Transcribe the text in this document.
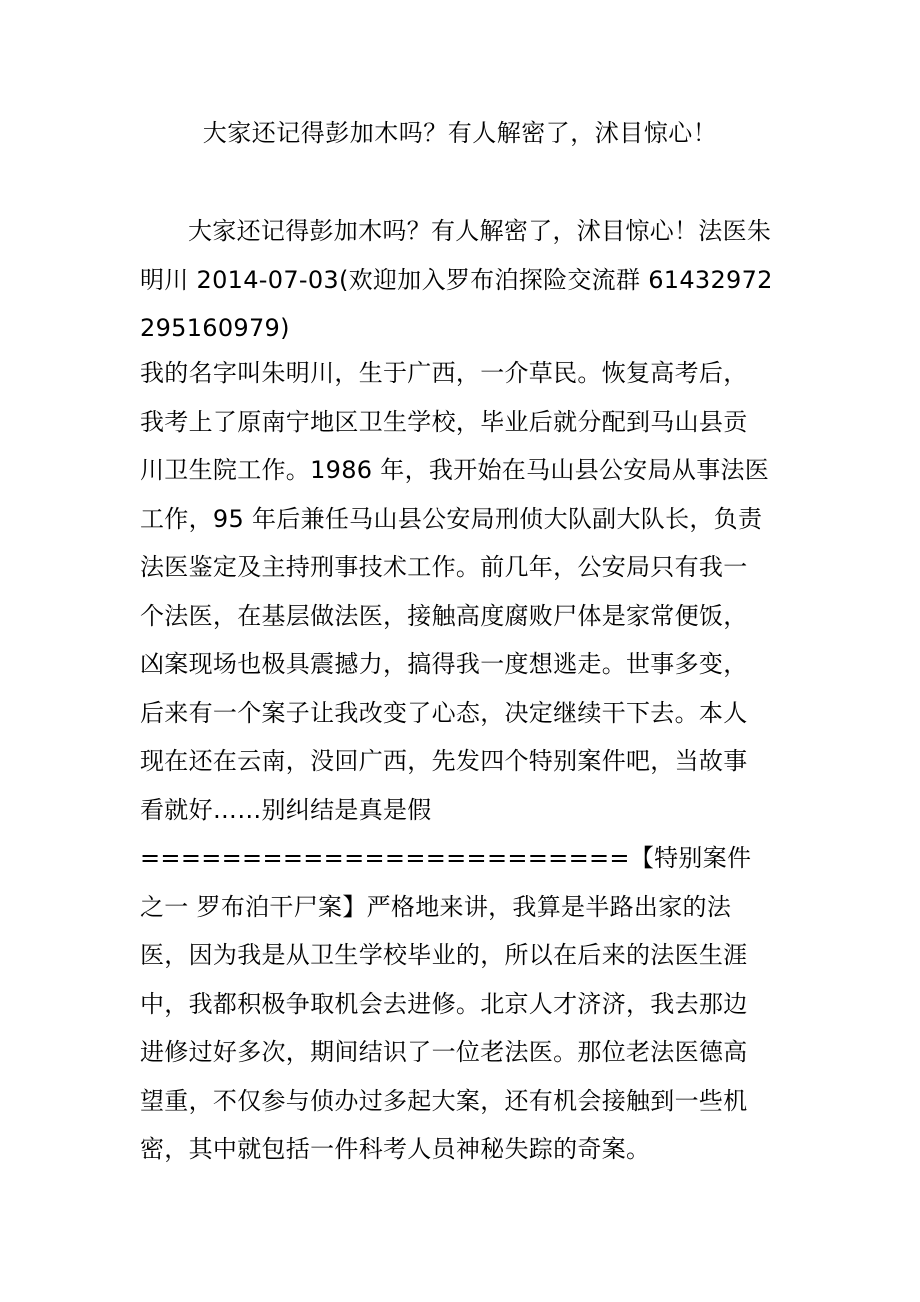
大家还记得彭加木吗？有人解密了，沭目惊心！

大家还记得彭加木吗？有人解密了，沭目惊心！法医朱明川 2014-07-03(欢迎加入罗布泊探险交流群 61432972 295160979)

我的名字叫朱明川，生于广西，一介草民。恢复高考后，我考上了原南宁地区卫生学校，毕业后就分配到马山县贡川卫生院工作。1986 年，我开始在马山县公安局从事法医工作，95 年后兼任马山县公安局刑侦大队副大队长，负责法医鉴定及主持刑事技术工作。前几年，公安局只有我一个法医，在基层做法医，接触高度腐败尸体是家常便饭，凶案现场也极具震撼力，搞得我一度想逃走。世事多变，后来有一个案子让我改变了心态，决定继续干下去。本人现在还在云南，没回广西，先发四个特别案件吧，当故事看就好……别纠结是真是假

========================【特别案件之一 罗布泊干尸案】严格地来讲，我算是半路出家的法医，因为我是从卫生学校毕业的，所以在后来的法医生涯中，我都积极争取机会去进修。北京人才济济，我去那边进修过好多次，期间结识了一位老法医。那位老法医德高望重，不仅参与侦办过多起大案，还有机会接触到一些机密，其中就包括一件科考人员神秘失踪的奇案。
